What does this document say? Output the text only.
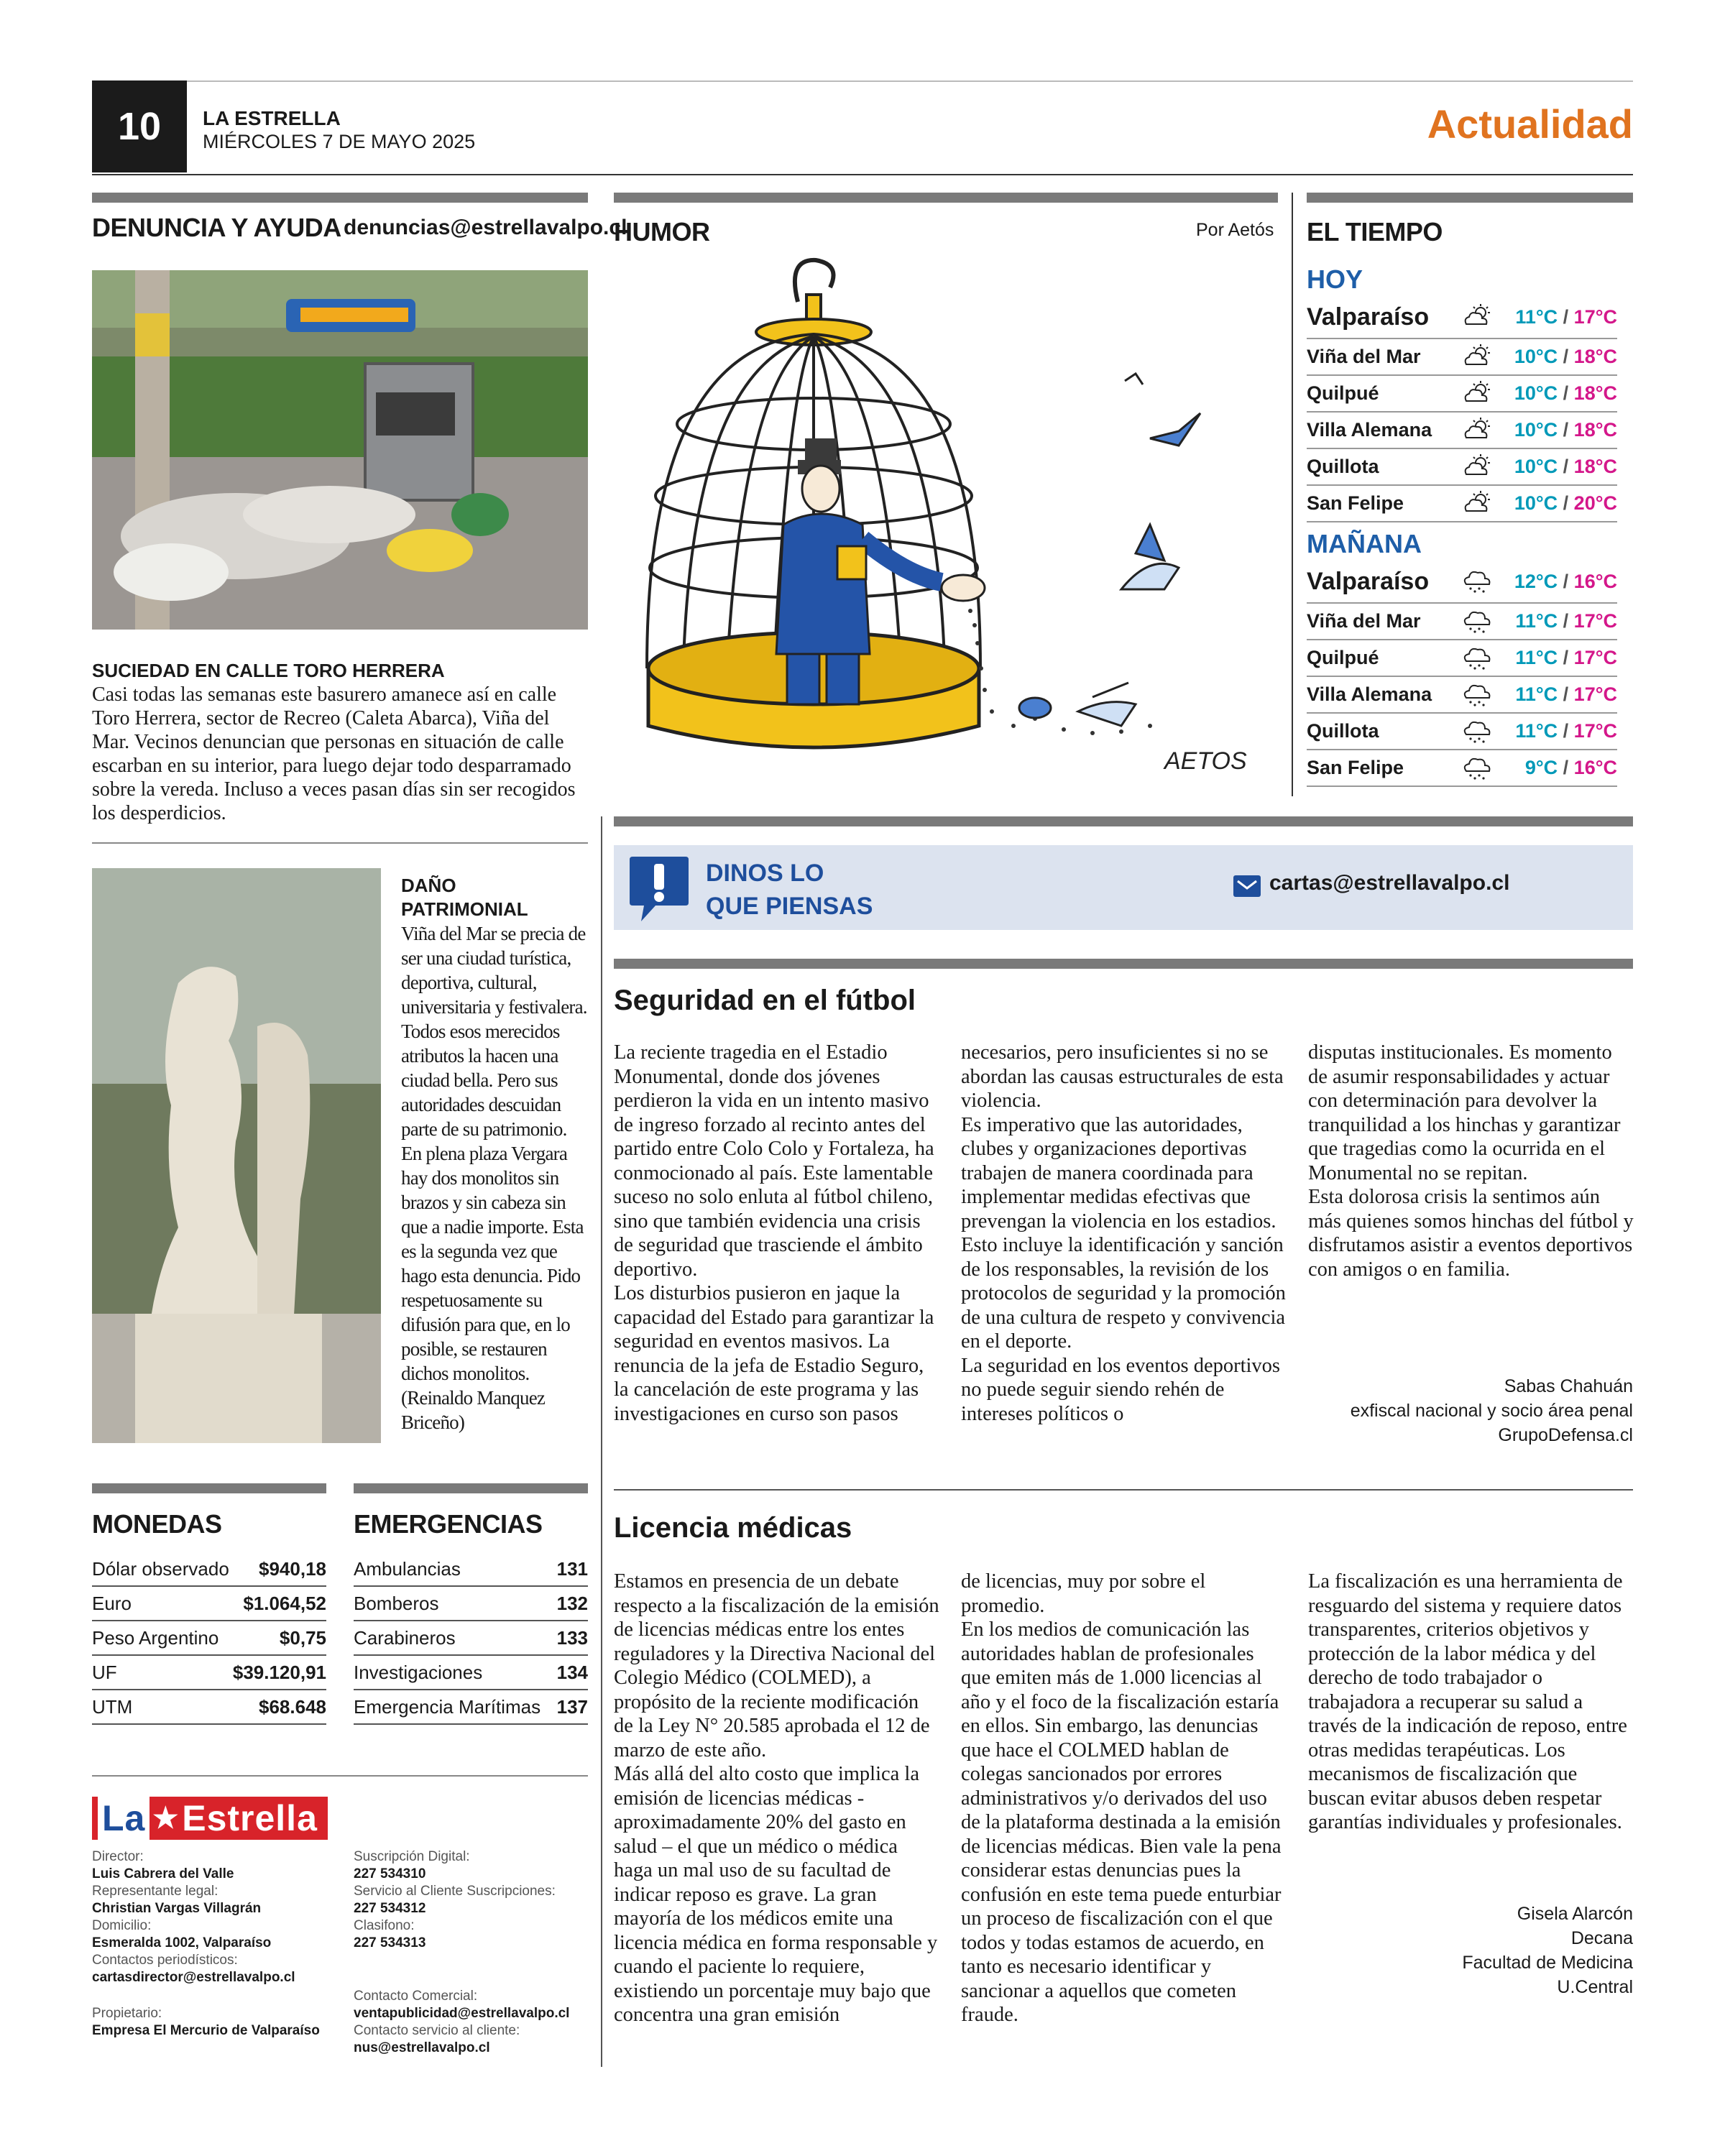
10	LA ESTRELLA
MIÉRCOLES 7 DE MAYO 2025	Actualidad
DENUNCIA Y AYUDA denuncias@estrellavalpo.cl
SUCIEDAD EN CALLE TORO HERRERA
Casi todas las semanas este basurero amanece así en calle Toro Herrera, sector de Recreo (Caleta Abarca), Viña del Mar. Vecinos denuncian que personas en situación de calle escarban en su interior, para luego dejar todo desparramado sobre la vereda. Incluso a veces pasan días sin ser recogidos los desperdicios.
DAÑO PATRIMONIAL
Viña del Mar se precia de ser una ciudad turística, deportiva, cultural, universitaria y festivalera. Todos esos merecidos atributos la hacen una ciudad bella. Pero sus autoridades descuidan parte de su patrimonio. En plena plaza Vergara hay dos monolitos sin brazos y sin cabeza sin que a nadie importe. Esta es la segunda vez que hago esta denuncia. Pido respetuosamente su difusión para que, en lo posible, se restauren dichos monolitos. (Reinaldo Manquez Briceño)
MONEDAS	EMERGENCIAS
Dólar observado $940,18
Euro	$1.064,52
Peso Argentino	$0,75
UF	$39.120,91
UTM	$68.648
Ambulancias	131
Bomberos	132
Carabineros	133
Investigaciones	134
Emergencia Marítimas 137
La ★ Estrella
Director:
Luis Cabrera del Valle
Representante legal:
Christian Vargas Villagrán
Domicilio:
Esmeralda 1002, Valparaíso
Contactos periodísticos:
cartasdirector@estrellavalpo.cl
Propietario:
Empresa El Mercurio de Valparaíso
Suscripción Digital:
227 534310
Servicio al Cliente Suscripciones:
227 534312
Clasifono:
227 534313
Contacto Comercial:
ventapublicidad@estrellavalpo.cl
Contacto servicio al cliente:
nus@estrellavalpo.cl
HUMOR	Por Aetós
AETOS
EL TIEMPO
HOY
MAÑANA
Valparaíso	11°C / 17°C
Viña del Mar	10°C / 18°C
Quilpué	10°C / 18°C
Villa Alemana	10°C / 18°C
Quillota	10°C / 18°C
San Felipe	10°C / 20°C
Valparaíso	12°C / 16°C
Viña del Mar	11°C / 17°C
Quilpué	11°C / 17°C
Villa Alemana	11°C / 17°C
Quillota	11°C / 17°C
San Felipe	9°C / 16°C
DINOS LO
QUE PIENSAS
cartas@estrellavalpo.cl
Seguridad en el fútbol
La reciente tragedia en el Estadio Monumental, donde dos jóvenes perdieron la vida en un intento masivo de ingreso forzado al recinto antes del partido entre Colo Colo y Fortaleza, ha conmocionado al país. Este lamentable suceso no solo enluta al fútbol chileno, sino que también evidencia una crisis de seguridad que trasciende el ámbito deportivo.
Los disturbios pusieron en jaque la capacidad del Estado para garantizar la seguridad en eventos masivos. La renuncia de la jefa de Estadio Seguro, la cancelación de este programa y las investigaciones en curso son pasos
necesarios, pero insuficientes si no se abordan las causas estructurales de esta violencia.
Es imperativo que las autoridades, clubes y organizaciones deportivas trabajen de manera coordinada para implementar medidas efectivas que prevengan la violencia en los estadios. Esto incluye la identificación y sanción de los responsables, la revisión de los protocolos de seguridad y la promoción de una cultura de respeto y convivencia en el deporte.
La seguridad en los eventos deportivos no puede seguir siendo rehén de intereses políticos o
disputas institucionales. Es momento de asumir responsabilidades y actuar con determinación para devolver la tranquilidad a los hinchas y garantizar que tragedias como la ocurrida en el Monumental no se repitan.
Esta dolorosa crisis la sentimos aún más quienes somos hinchas del fútbol y disfrutamos asistir a eventos deportivos con amigos o en familia.
Sabas Chahuán
exfiscal nacional y socio área penal
GrupoDefensa.cl
Licencia médicas
Estamos en presencia de un debate respecto a la fiscalización de la emisión de licencias médicas entre los entes reguladores y la Directiva Nacional del Colegio Médico (COLMED), a propósito de la reciente modificación de la Ley N° 20.585 aprobada el 12 de marzo de este año.
Más allá del alto costo que implica la emisión de licencias médicas -aproximadamente 20% del gasto en salud – el que un médico o médica haga un mal uso de su facultad de indicar reposo es grave. La gran mayoría de los médicos emite una licencia médica en forma responsable y cuando el paciente lo requiere, existiendo un porcentaje muy bajo que concentra una gran emisión
de licencias, muy por sobre el promedio.
En los medios de comunicación las autoridades hablan de profesionales que emiten más de 1.000 licencias al año y el foco de la fiscalización estaría en ellos. Sin embargo, las denuncias que hace el COLMED hablan de colegas sancionados por errores administrativos y/o derivados del uso de la plataforma destinada a la emisión de licencias médicas. Bien vale la pena considerar estas denuncias pues la confusión en este tema puede enturbiar un proceso de fiscalización con el que todos y todas estamos de acuerdo, en tanto es necesario identificar y sancionar a aquellos que cometen fraude.
La fiscalización es una herramienta de resguardo del sistema y requiere datos transparentes, criterios objetivos y protección de la labor médica y del derecho de todo trabajador o trabajadora a recuperar su salud a través de la indicación de reposo, entre otras medidas terapéuticas. Los mecanismos de fiscalización que buscan evitar abusos deben respetar garantías individuales y profesionales.
Gisela Alarcón
Decana
Facultad de Medicina
U.Central
